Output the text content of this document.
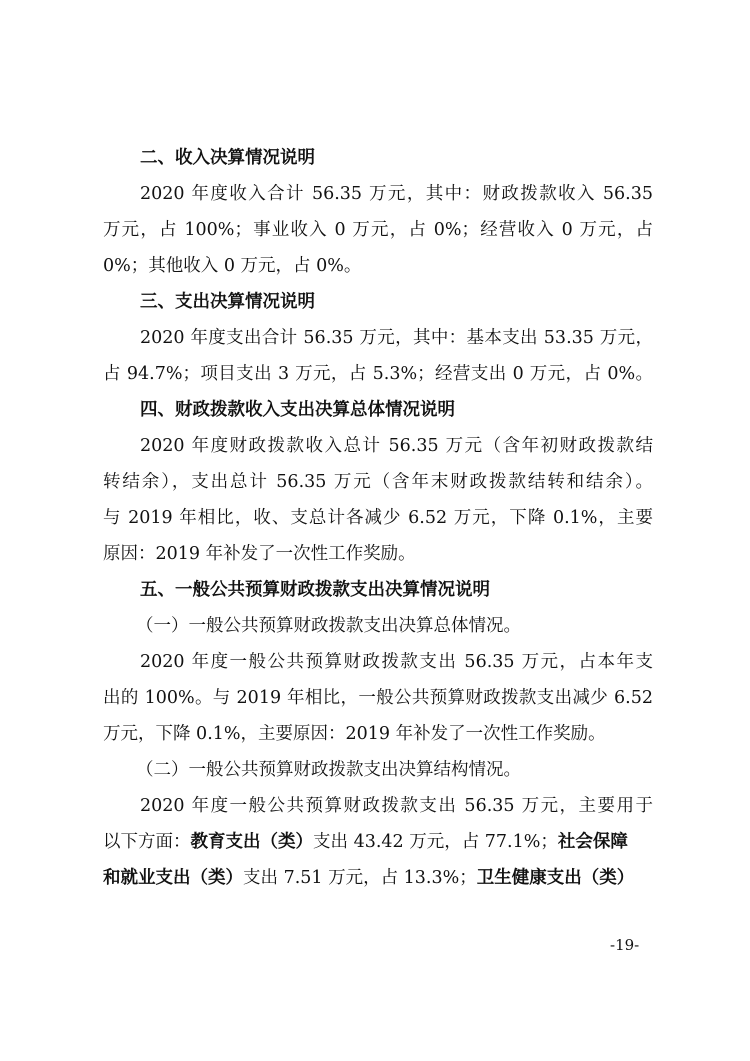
二、收入决算情况说明
2020 年度收入合计 56.35 万元，其中：财政拨款收入 56.35
万元，占 100%；事业收入 0 万元，占 0%；经营收入 0 万元，占
0%；其他收入 0 万元，占 0%。
三、支出决算情况说明
2020 年度支出合计 56.35 万元，其中：基本支出 53.35 万元，
占 94.7%；项目支出 3 万元，占 5.3%；经营支出 0 万元，占 0%。
四、财政拨款收入支出决算总体情况说明
2020 年度财政拨款收入总计 56.35 万元（含年初财政拨款结
转结余），支出总计 56.35 万元（含年末财政拨款结转和结余）。
与 2019 年相比，收、支总计各减少 6.52 万元，下降 0.1%，主要
原因：2019 年补发了一次性工作奖励。
五、一般公共预算财政拨款支出决算情况说明
（一）一般公共预算财政拨款支出决算总体情况。
2020 年度一般公共预算财政拨款支出 56.35 万元，占本年支
出的 100%。与 2019 年相比，一般公共预算财政拨款支出减少 6.52
万元，下降 0.1%，主要原因：2019 年补发了一次性工作奖励。
（二）一般公共预算财政拨款支出决算结构情况。
2020 年度一般公共预算财政拨款支出 56.35 万元，主要用于
以下方面：教育支出（类）支出 43.42 万元，占 77.1%；社会保障
和就业支出（类）支出 7.51 万元，占 13.3%；卫生健康支出（类）
-19-
